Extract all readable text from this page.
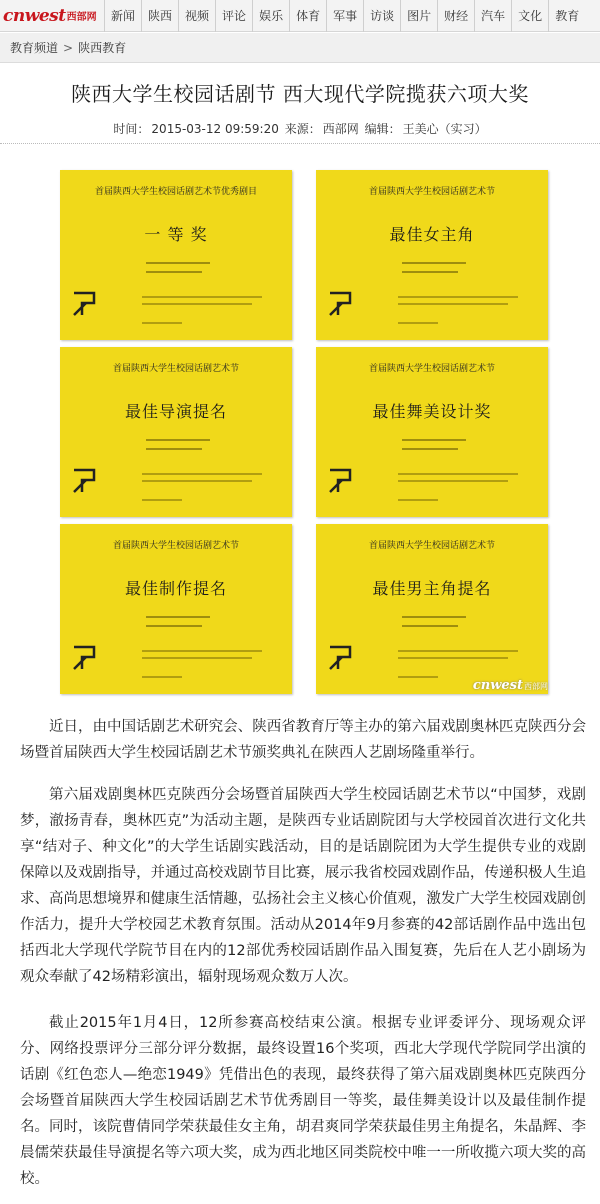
cnwest 西部网	新闻	陕西	视频	评论	娱乐	体育	军事	访谈	图片	财经	汽车	文化	教育
教育频道 > 陕西教育
陕西大学生校园话剧节 西大现代学院揽获六项大奖
时间： 2015-03-12 09:59:20 来源： 西部网 编辑： 王美心（实习）
首届陕西大学生校园话剧艺术节优秀剧目
一 等 奖
首届陕西大学生校园话剧艺术节
最佳女主角
首届陕西大学生校园话剧艺术节
最佳导演提名
首届陕西大学生校园话剧艺术节
最佳舞美设计奖
首届陕西大学生校园话剧艺术节
最佳制作提名
首届陕西大学生校园话剧艺术节
最佳男主角提名
cnwest 西部网

近日，由中国话剧艺术研究会、陕西省教育厅等主办的第六届戏剧奥林匹克陕西分会场暨首届陕西大学生校园话剧艺术节颁奖典礼在陕西人艺剧场隆重举行。

第六届戏剧奥林匹克陕西分会场暨首届陕西大学生校园话剧艺术节以“中国梦，戏剧梦，澈扬青春，奥林匹克”为活动主题，是陕西专业话剧院团与大学校园首次进行文化共享“结对子、种文化”的大学生话剧实践活动，目的是话剧院团为大学生提供专业的戏剧保障以及戏剧指导，并通过高校戏剧节目比赛，展示我省校园戏剧作品，传递积极人生追求、高尚思想境界和健康生活情趣，弘扬社会主义核心价值观，激发广大学生校园戏剧创作活力，提升大学校园艺术教育氛围。活动从2014年9月参赛的42部话剧作品中选出包括西北大学现代学院节目在内的12部优秀校园话剧作品入围复赛，先后在人艺小剧场为观众奉献了42场精彩演出，辐射现场观众数万人次。

截止2015年1月4日，12所参赛高校结束公演。根据专业评委评分、现场观众评分、网络投票评分三部分评分数据，最终设置16个奖项，西北大学现代学院同学出演的话剧《红色恋人—绝恋1949》凭借出色的表现，最终获得了第六届戏剧奥林匹克陕西分会场暨首届陕西大学生校园话剧艺术节优秀剧目一等奖，最佳舞美设计以及最佳制作提名。同时，该院曹倩同学荣获最佳女主角，胡君爽同学荣获最佳男主角提名，朱晶辉、李晨儒荣获最佳导演提名等六项大奖，成为西北地区同类院校中唯一一所收揽六项大奖的高校。
